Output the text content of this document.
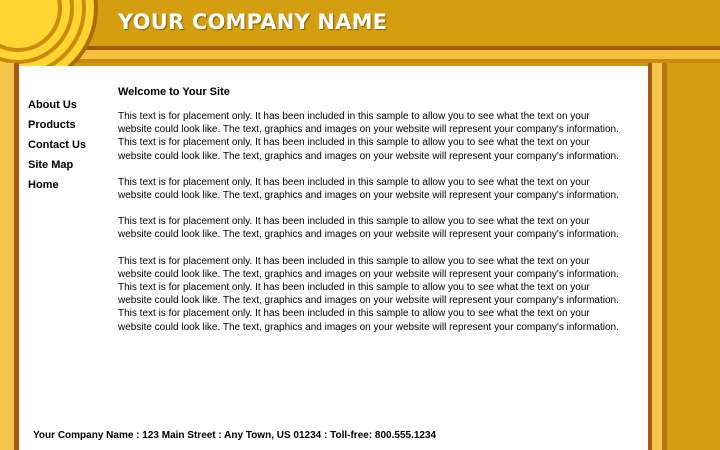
YOUR COMPANY NAME
About Us
Products
Contact Us
Site Map
Home
Welcome to Your Site

This text is for placement only. It has been included in this sample to allow you to see what the text on your website could look like. The text, graphics and images on your website will represent your company's information. This text is for placement only. It has been included in this sample to allow you to see what the text on your website could look like. The text, graphics and images on your website will represent your company's information.

This text is for placement only. It has been included in this sample to allow you to see what the text on your website could look like. The text, graphics and images on your website will represent your company's information.

This text is for placement only. It has been included in this sample to allow you to see what the text on your website could look like. The text, graphics and images on your website will represent your company's information.

This text is for placement only. It has been included in this sample to allow you to see what the text on your website could look like. The text, graphics and images on your website will represent your company's information. This text is for placement only. It has been included in this sample to allow you to see what the text on your website could look like. The text, graphics and images on your website will represent your company's information. This text is for placement only. It has been included in this sample to allow you to see what the text on your website could look like. The text, graphics and images on your website will represent your company's information.

Your Company Name : 123 Main Street : Any Town, US 01234 : Toll-free: 800.555.1234
